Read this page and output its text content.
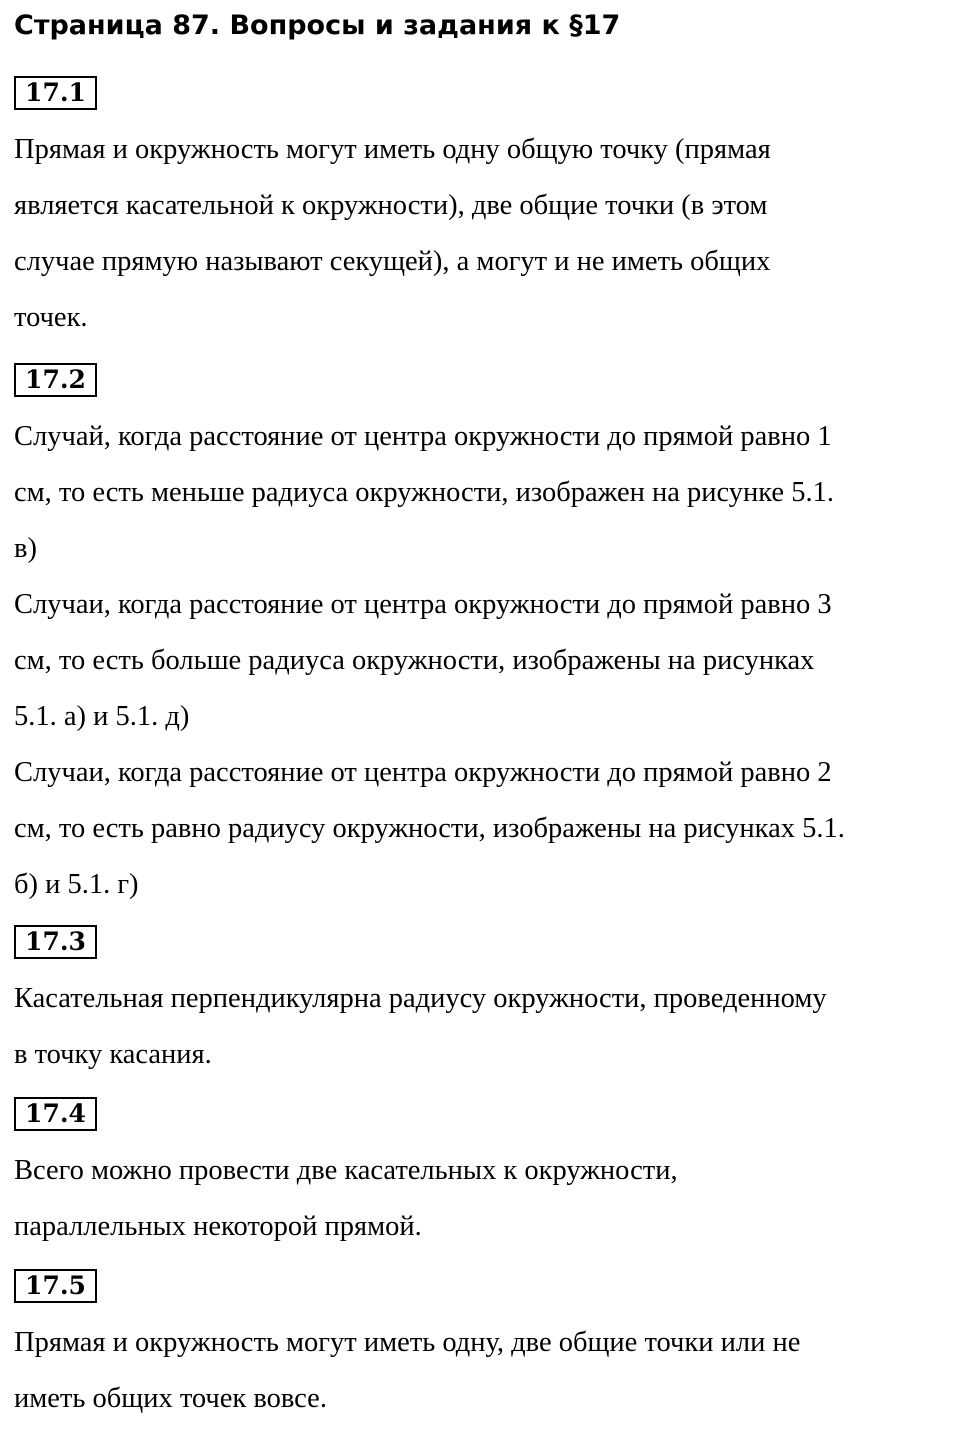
Страница 87. Вопросы и задания к §17
17.1
Прямая и окружность могут иметь одну общую точку (прямая
является касательной к окружности), две общие точки (в этом
случае прямую называют секущей), а могут и не иметь общих
точек.
17.2
Случай, когда расстояние от центра окружности до прямой равно 1
см, то есть меньше радиуса окружности, изображен на рисунке 5.1.
в)
Случаи, когда расстояние от центра окружности до прямой равно 3
см, то есть больше радиуса окружности, изображены на рисунках
5.1. а) и 5.1. д)
Случаи, когда расстояние от центра окружности до прямой равно 2
см, то есть равно радиусу окружности, изображены на рисунках 5.1.
б) и 5.1. г)
17.3
Касательная перпендикулярна радиусу окружности, проведенному
в точку касания.
17.4
Всего можно провести две касательных к окружности,
параллельных некоторой прямой.
17.5
Прямая и окружность могут иметь одну, две общие точки или не
иметь общих точек вовсе.
